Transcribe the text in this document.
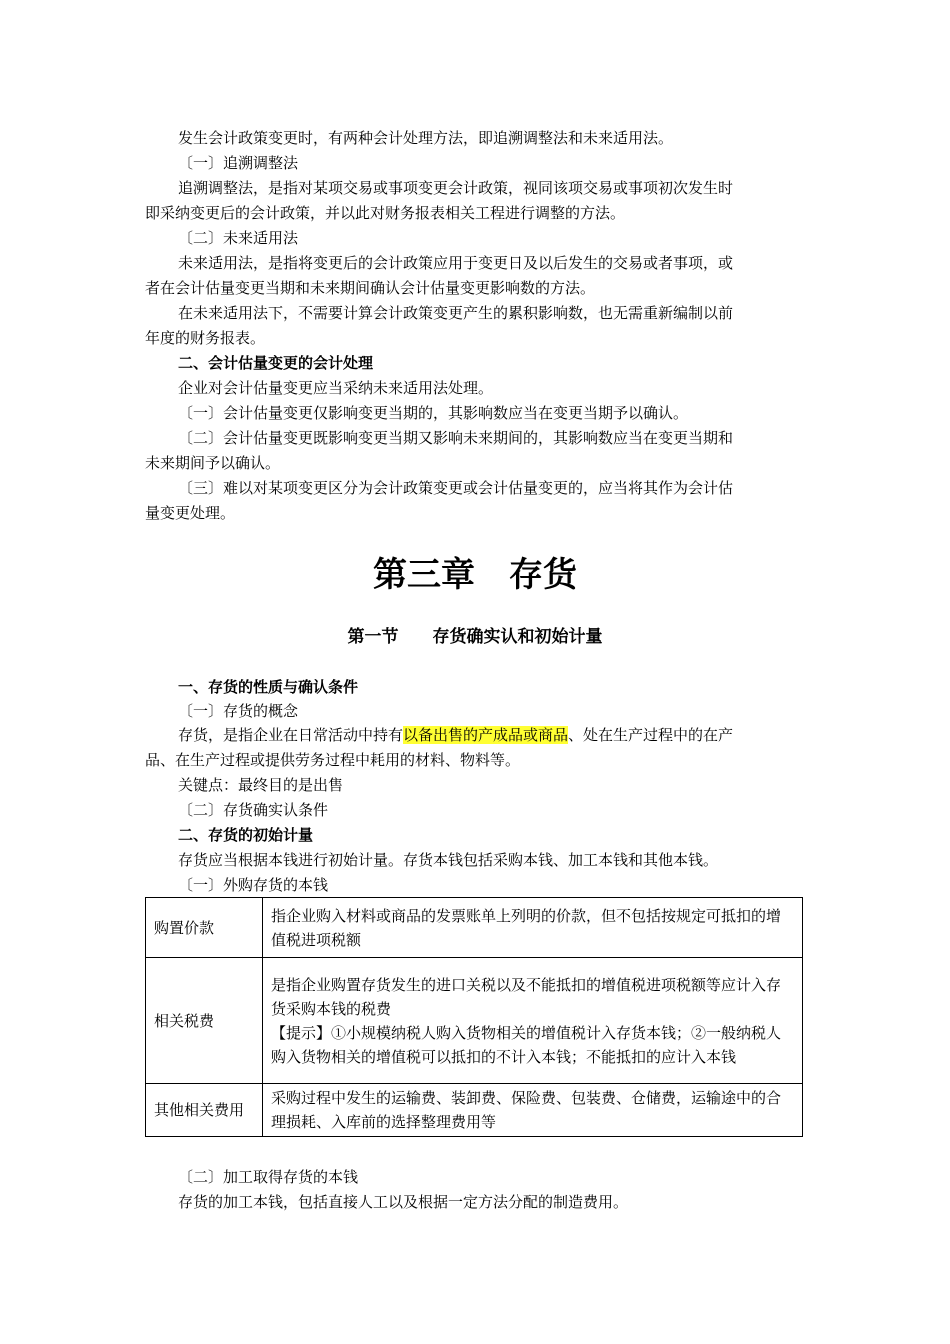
发生会计政策变更时，有两种会计处理方法，即追溯调整法和未来适用法。
〔一〕追溯调整法
追溯调整法，是指对某项交易或事项变更会计政策，视同该项交易或事项初次发生时
即采纳变更后的会计政策，并以此对财务报表相关工程进行调整的方法。
〔二〕未来适用法
未来适用法，是指将变更后的会计政策应用于变更日及以后发生的交易或者事项，或
者在会计估量变更当期和未来期间确认会计估量变更影响数的方法。
在未来适用法下，不需要计算会计政策变更产生的累积影响数，也无需重新编制以前
年度的财务报表。
二、会计估量变更的会计处理
企业对会计估量变更应当采纳未来适用法处理。
〔一〕会计估量变更仅影响变更当期的，其影响数应当在变更当期予以确认。
〔二〕会计估量变更既影响变更当期又影响未来期间的，其影响数应当在变更当期和
未来期间予以确认。
〔三〕难以对某项变更区分为会计政策变更或会计估量变更的，应当将其作为会计估
量变更处理。
第三章　存货
第一节　　存货确实认和初始计量
一、存货的性质与确认条件
〔一〕存货的概念
存货，是指企业在日常活动中持有以备出售的产成品或商品、处在生产过程中的在产
品、在生产过程或提供劳务过程中耗用的材料、物料等。
关键点：最终目的是出售
〔二〕存货确实认条件
二、存货的初始计量
存货应当根据本钱进行初始计量。存货本钱包括采购本钱、加工本钱和其他本钱。
〔一〕外购存货的本钱
购置价款	指企业购入材料或商品的发票账单上列明的价款，但不包括按规定可抵扣的增值税进项税额
相关税费	是指企业购置存货发生的进口关税以及不能抵扣的增值税进项税额等应计入存货采购本钱的税费
【提示】①小规模纳税人购入货物相关的增值税计入存货本钱；②一般纳税人购入货物相关的增值税可以抵扣的不计入本钱；不能抵扣的应计入本钱

其他相关费用	采购过程中发生的运输费、装卸费、保险费、包装费、仓储费，运输途中的合理损耗、入库前的选择整理费用等
〔二〕加工取得存货的本钱
存货的加工本钱，包括直接人工以及根据一定方法分配的制造费用。
